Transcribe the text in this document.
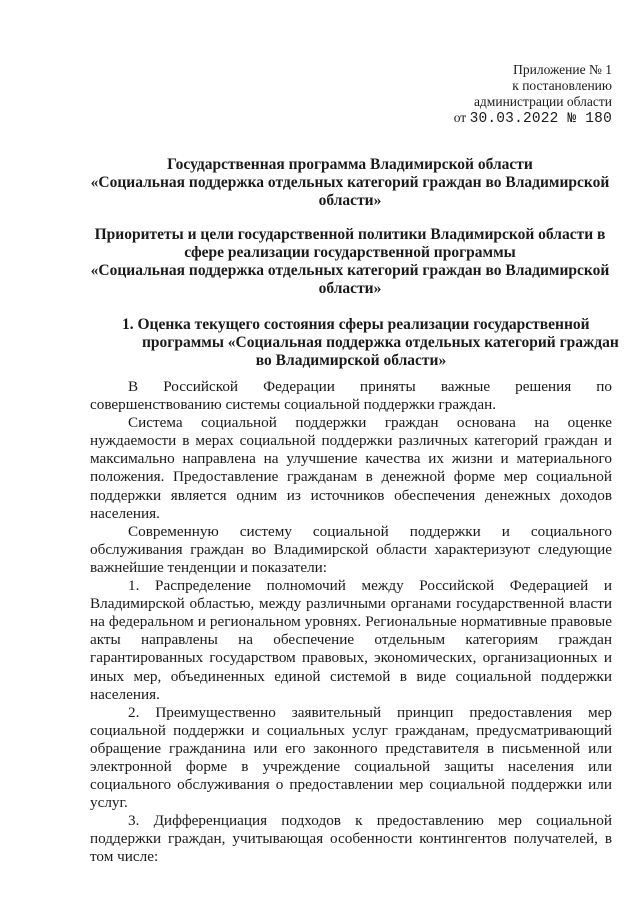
Приложение № 1
к постановлению
администрации области
от 30.03.2022 № 180
Государственная программа Владимирской области
«Социальная поддержка отдельных категорий граждан во Владимирской
области»
Приоритеты и цели государственной политики Владимирской области в
сфере реализации государственной программы
«Социальная поддержка отдельных категорий граждан во Владимирской
области»
1. Оценка текущего состояния сферы реализации государственной
программы «Социальная поддержка отдельных категорий граждан
во Владимирской области»

В Российской Федерации приняты важные решения по совершенствованию системы социальной поддержки граждан.

Система социальной поддержки граждан основана на оценке нуждаемости в мерах социальной поддержки различных категорий граждан и максимально направлена на улучшение качества их жизни и материального положения. Предоставление гражданам в денежной форме мер социальной поддержки является одним из источников обеспечения денежных доходов населения.

Современную систему социальной поддержки и социального обслуживания граждан во Владимирской области характеризуют следующие важнейшие тенденции и показатели:

1. Распределение полномочий между Российской Федерацией и Владимирской областью, между различными органами государственной власти на федеральном и региональном уровнях. Региональные нормативные правовые акты направлены на обеспечение отдельным категориям граждан гарантированных государством правовых, экономических, организационных и иных мер, объединенных единой системой в виде социальной поддержки населения.

2. Преимущественно заявительный принцип предоставления мер социальной поддержки и социальных услуг гражданам, предусматривающий обращение гражданина или его законного представителя в письменной или электронной форме в учреждение социальной защиты населения или социального обслуживания о предоставлении мер социальной поддержки или услуг.

3. Дифференциация подходов к предоставлению мер социальной поддержки граждан, учитывающая особенности контингентов получателей, в том числе:
